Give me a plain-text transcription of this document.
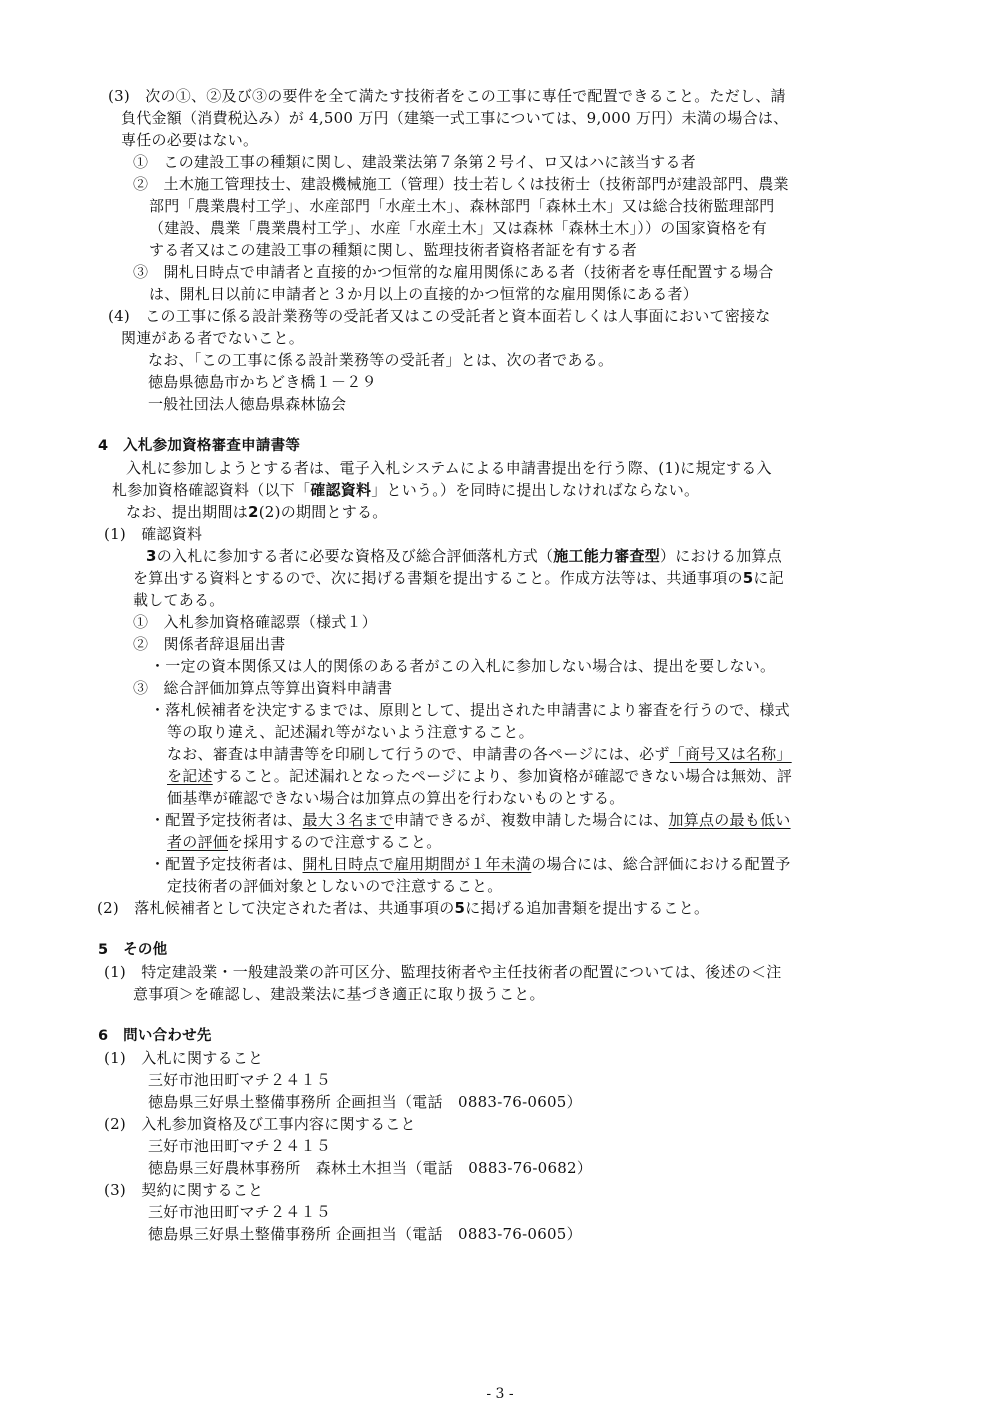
(3)　次の①、②及び③の要件を全て満たす技術者をこの工事に専任で配置できること。ただし、請
負代金額（消費税込み）が 4,500 万円（建築一式工事については、9,000 万円）未満の場合は、
専任の必要はない。
①　この建設工事の種類に関し、建設業法第７条第２号イ、ロ又はハに該当する者
②　土木施工管理技士、建設機械施工（管理）技士若しくは技術士（技術部門が建設部門、農業
部門「農業農村工学」、水産部門「水産土木」、森林部門「森林土木」又は総合技術監理部門
（建設、農業「農業農村工学」、水産「水産土木」又は森林「森林土木」））の国家資格を有
する者又はこの建設工事の種類に関し、監理技術者資格者証を有する者
③　開札日時点で申請者と直接的かつ恒常的な雇用関係にある者（技術者を専任配置する場合
は、開札日以前に申請者と３か月以上の直接的かつ恒常的な雇用関係にある者）
(4)　この工事に係る設計業務等の受託者又はこの受託者と資本面若しくは人事面において密接な
関連がある者でないこと。
なお、「この工事に係る設計業務等の受託者」とは、次の者である。
徳島県徳島市かちどき橋１－２９
一般社団法人徳島県森林協会
4　入札参加資格審査申請書等
入札に参加しようとする者は、電子入札システムによる申請書提出を行う際、(1)に規定する入
札参加資格確認資料（以下「確認資料」という。）を同時に提出しなければならない。
なお、提出期間は2(2)の期間とする。
(1)　確認資料
3の入札に参加する者に必要な資格及び総合評価落札方式（施工能力審査型）における加算点
を算出する資料とするので、次に掲げる書類を提出すること。作成方法等は、共通事項の5に記
載してある。
①　入札参加資格確認票（様式１）
②　関係者辞退届出書
・一定の資本関係又は人的関係のある者がこの入札に参加しない場合は、提出を要しない。
③　総合評価加算点等算出資料申請書
・落札候補者を決定するまでは、原則として、提出された申請書により審査を行うので、様式
等の取り違え、記述漏れ等がないよう注意すること。
なお、審査は申請書等を印刷して行うので、申請書の各ページには、必ず「商号又は名称」
を記述すること。記述漏れとなったページにより、参加資格が確認できない場合は無効、評
価基準が確認できない場合は加算点の算出を行わないものとする。
・配置予定技術者は、最大３名まで申請できるが、複数申請した場合には、加算点の最も低い
者の評価を採用するので注意すること。
・配置予定技術者は、開札日時点で雇用期間が１年未満の場合には、総合評価における配置予
定技術者の評価対象としないので注意すること。
(2)　落札候補者として決定された者は、共通事項の5に掲げる追加書類を提出すること。
5　その他
(1)　特定建設業・一般建設業の許可区分、監理技術者や主任技術者の配置については、後述の＜注
意事項＞を確認し、建設業法に基づき適正に取り扱うこと。
6　問い合わせ先
(1)　入札に関すること
三好市池田町マチ２４１５
徳島県三好県土整備事務所 企画担当（電話　0883-76-0605）
(2)　入札参加資格及び工事内容に関すること
三好市池田町マチ２４１５
徳島県三好農林事務所　森林土木担当（電話　0883-76-0682）
(3)　契約に関すること
三好市池田町マチ２４１５
徳島県三好県土整備事務所 企画担当（電話　0883-76-0605）
- 3 -
